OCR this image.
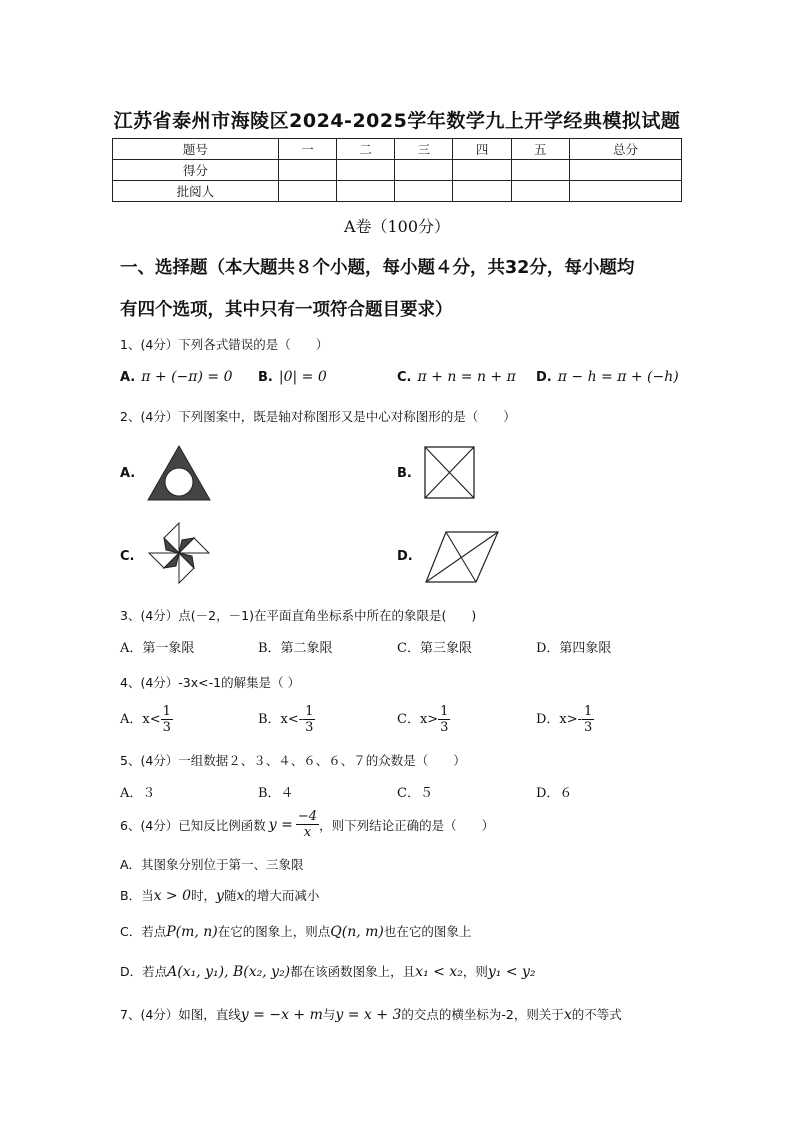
江苏省泰州市海陵区2024-2025学年数学九上开学经典模拟试题
题号	一	二	三	四	五	总分
得分						
批阅人						
A卷（100分）
一、选择题（本大题共８个小题，每小题４分，共32分，每小题均
有四个选项，其中只有一项符合题目要求）
1、(4分）下列各式错误的是（　　）
A. π + (−π) = 0 B. |0| = 0	C. π + n = n + π D. π − h = π + (−h)
2、(4分）下列图案中，既是轴对称图形又是中心对称图形的是（　　）
A.	B.
C.	D.
3、(4分）点(－2，－1)在平面直角坐标系中所在的象限是(　　)
A．第一象限	B．第二象限	C．第三象限	D．第四象限
4、(4分）-3x<-1的解集是（ ）
A．$x< \frac{1}{3}$	B．$x<- \frac{1}{3}$	C．$x> \frac{1}{3}$	D．$x>- \frac{1}{3}$
5、(4分）一组数据２、３、４、６、６、７的众数是（　　）
A．３	B．４	C．５	D．６
6、(4分）已知反比例函数 $y = \frac{-4}{x}$ ，则下列结论正确的是（　　）
A．其图象分别位于第一、三象限
B．当x > 0时，y随x的增大而减小
C．若点P(m, n)在它的图象上，则点Q(n, m)也在它的图象上
D．若点A(x₁, y₁), B(x₂, y₂)都在该函数图象上，且x₁ < x₂，则y₁ < y₂
7、(4分）如图，直线y = −x + m与y = x + 3的交点的横坐标为-2，则关于x的不等式
